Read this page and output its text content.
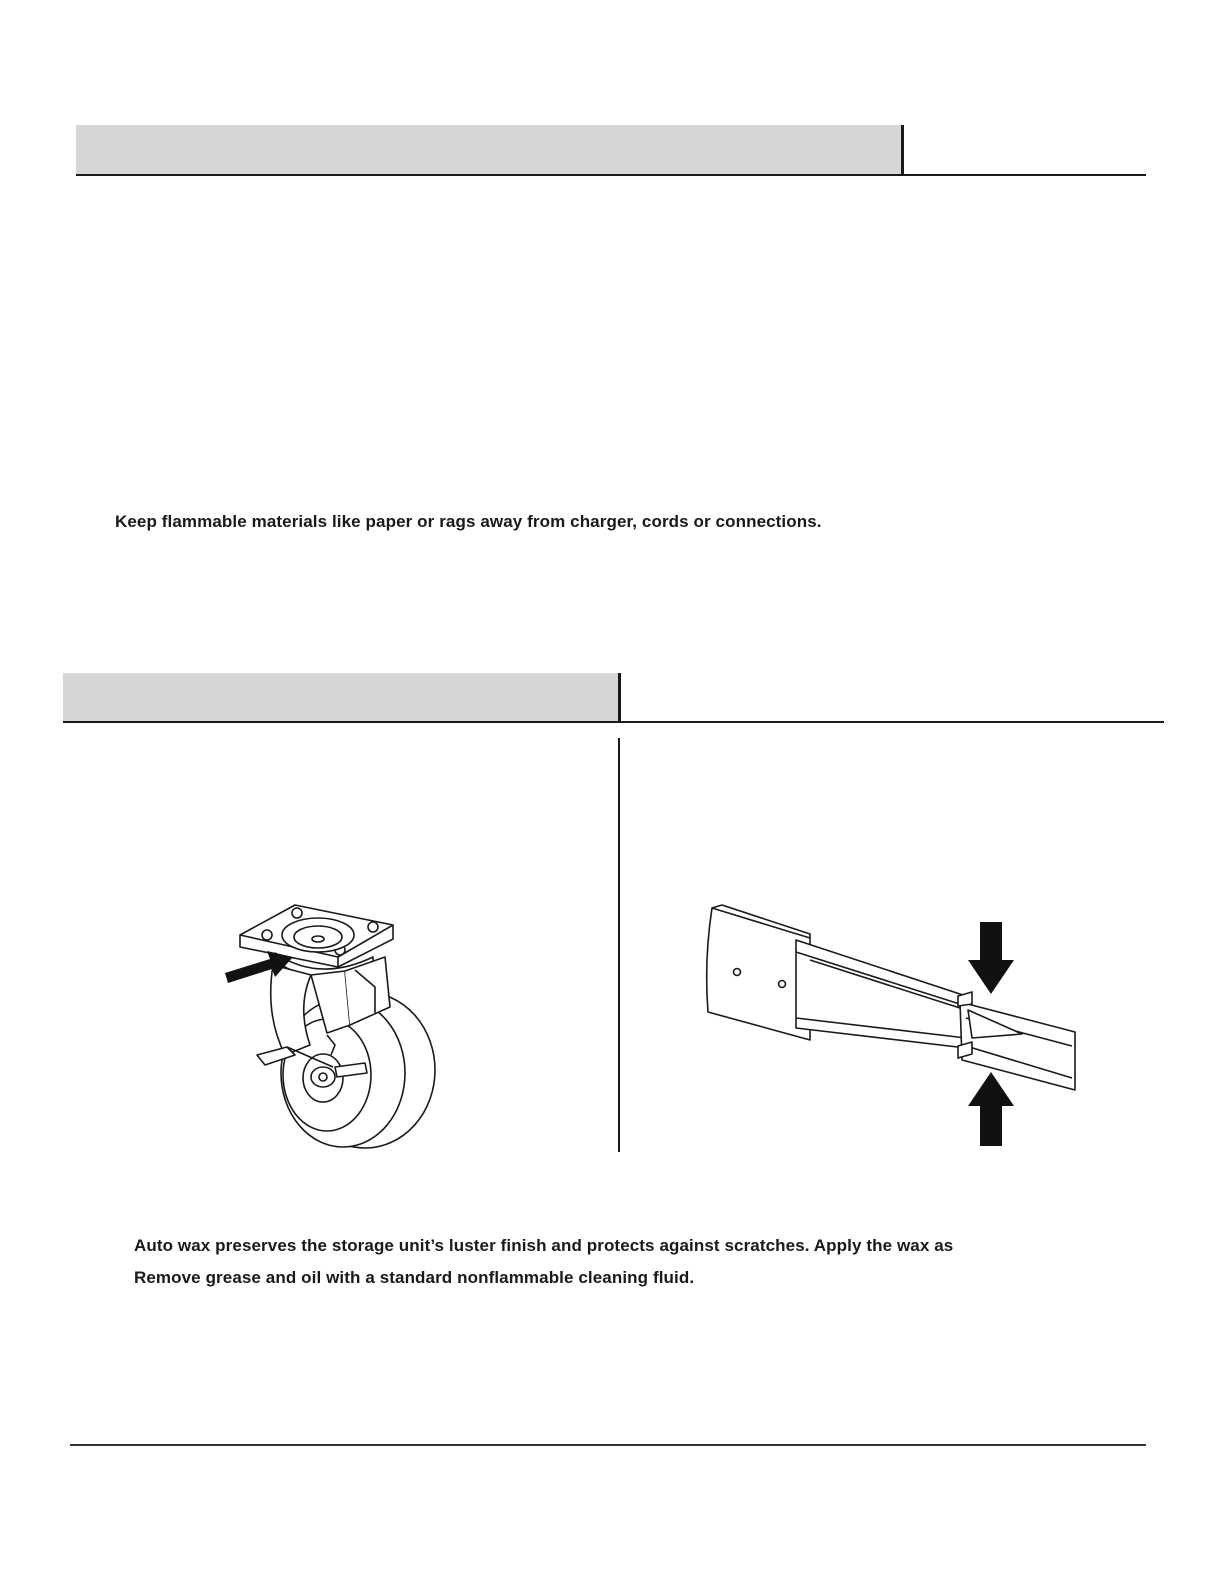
Keep flammable materials like paper or rags away from charger, cords or connections.
Auto wax preserves the storage unit’s luster finish and protects against scratches. Apply the wax as
Remove grease and oil with a standard nonflammable cleaning fluid.
